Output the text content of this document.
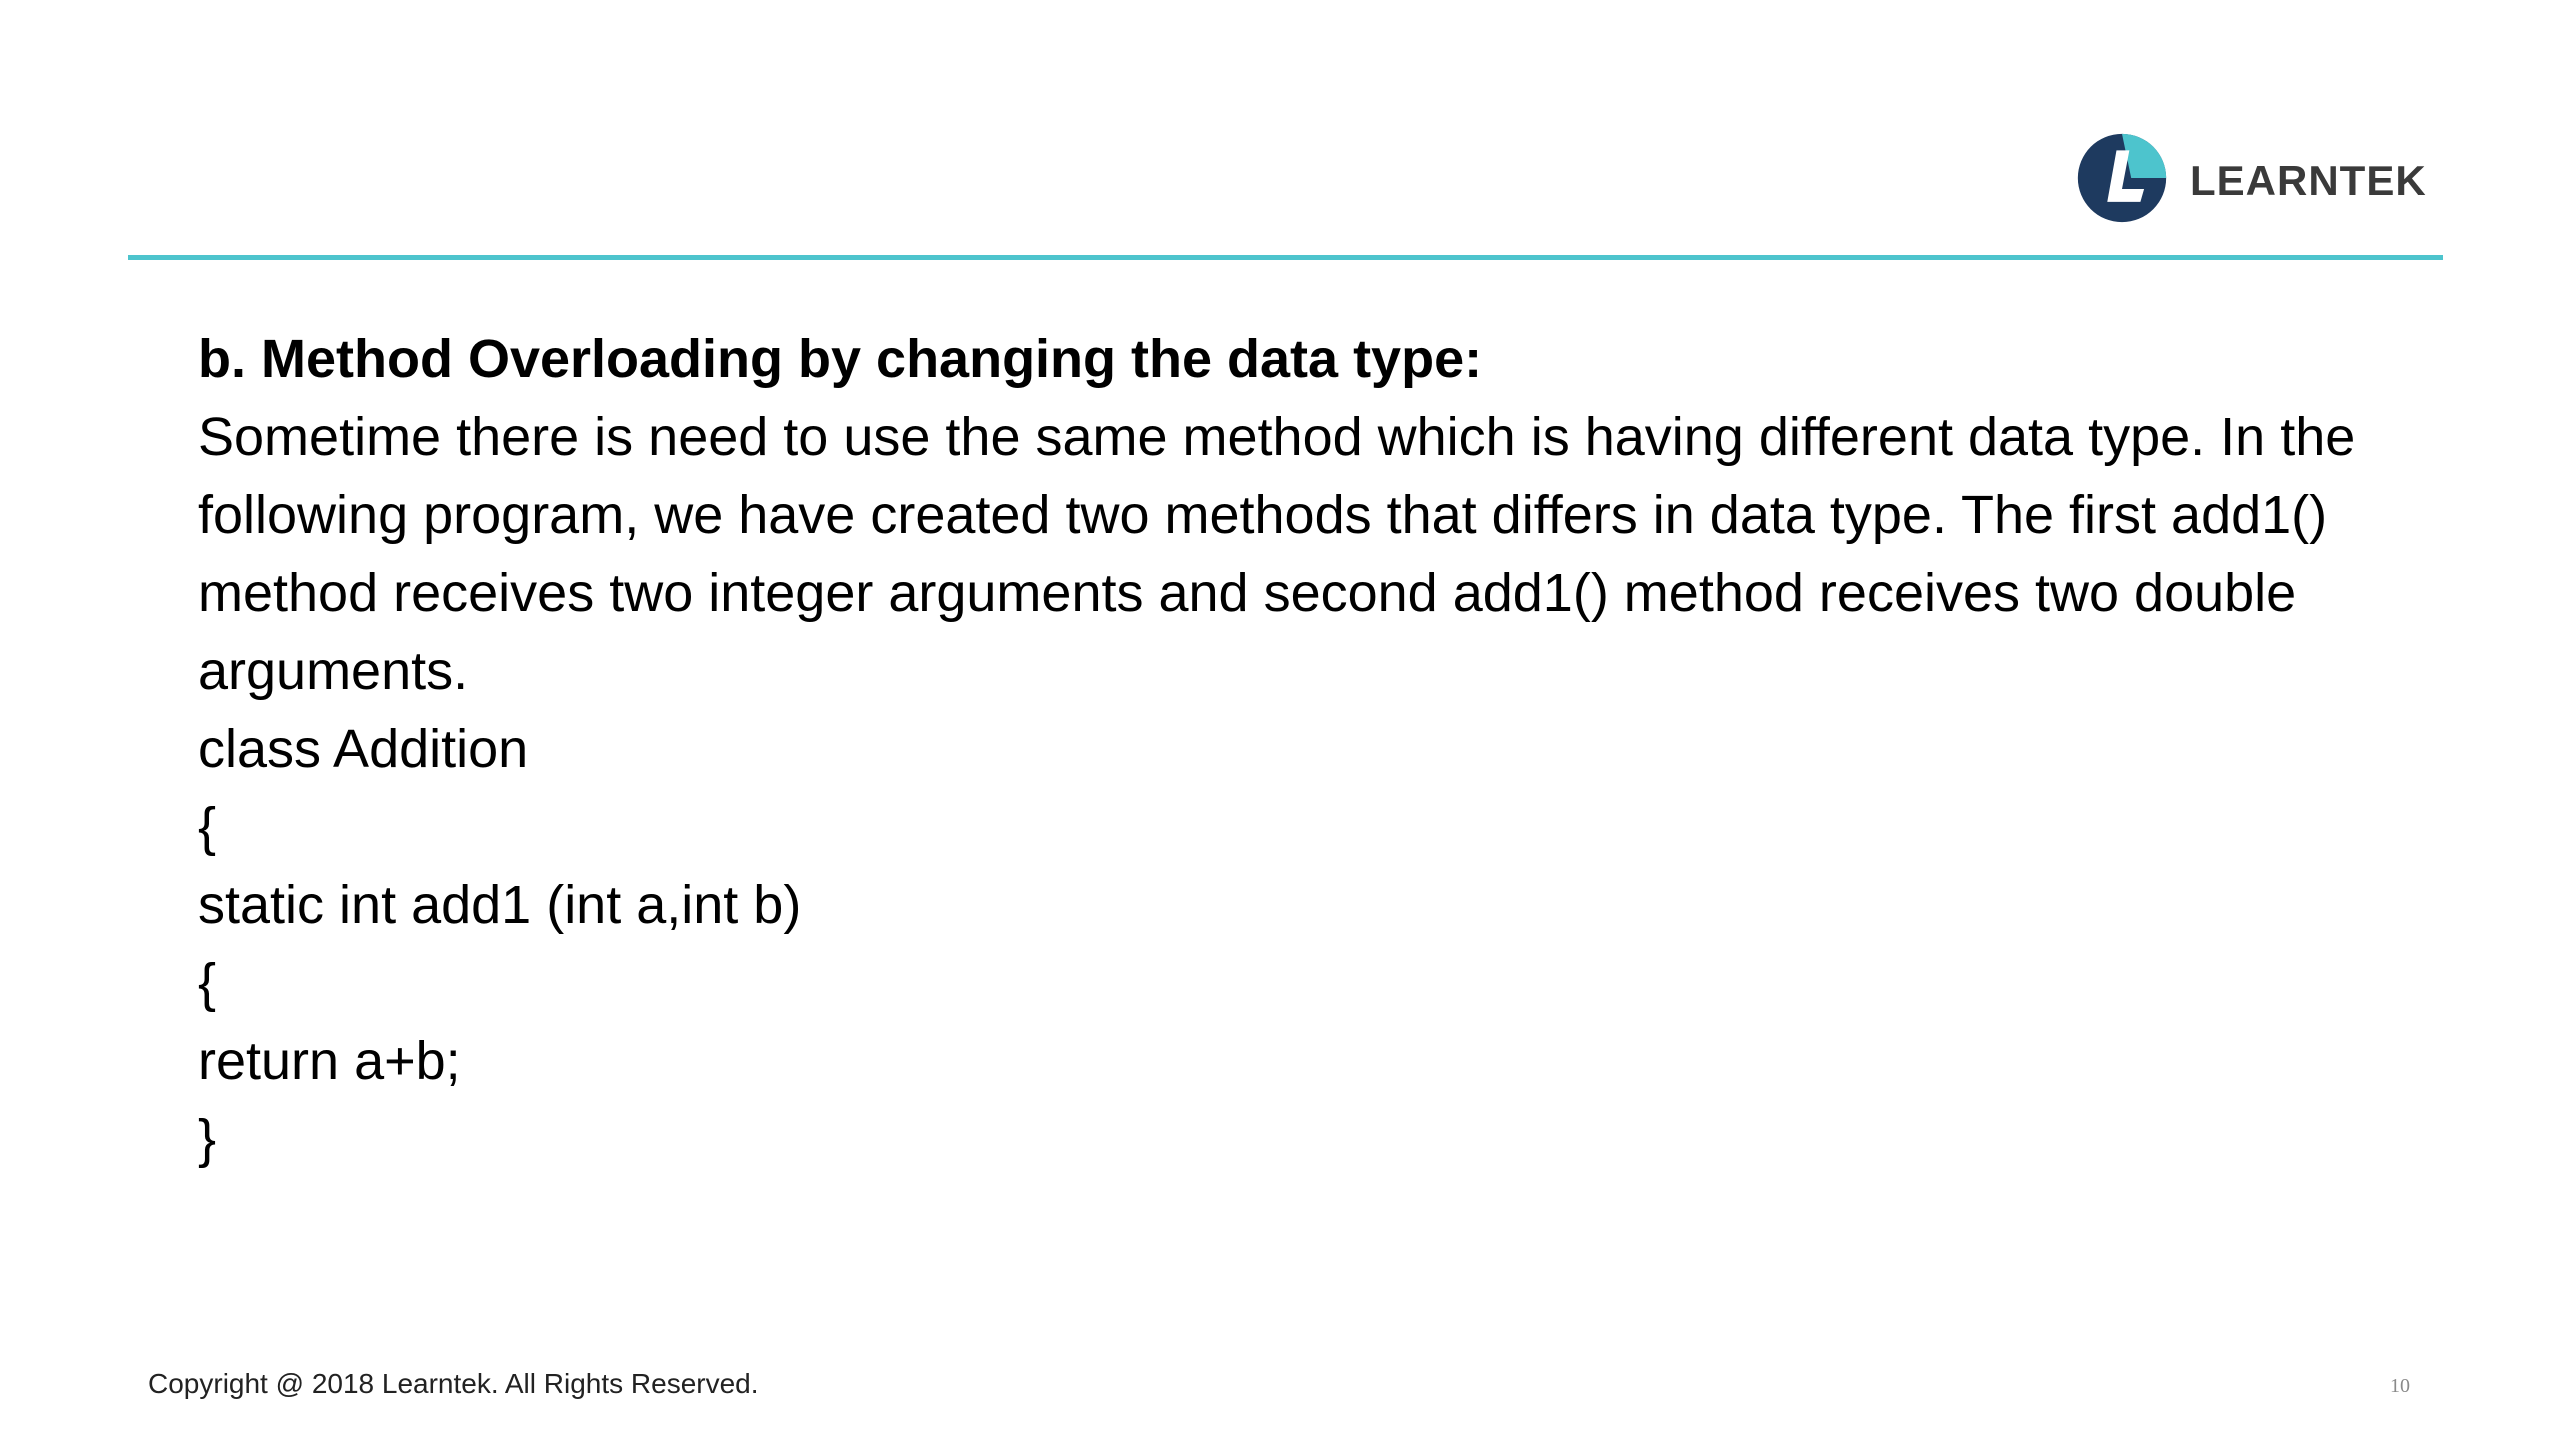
LEARNTEK

b. Method Overloading by changing the data type:

Sometime there is need to use the same method which is having different data type. In the following program, we have created two methods that differs in data type. The first add1() method receives two integer arguments and second add1() method receives two double arguments.

class Addition

{

static int add1 (int a,int b)

{

return a+b;

}

Copyright @ 2018 Learntek. All Rights Reserved.	10
